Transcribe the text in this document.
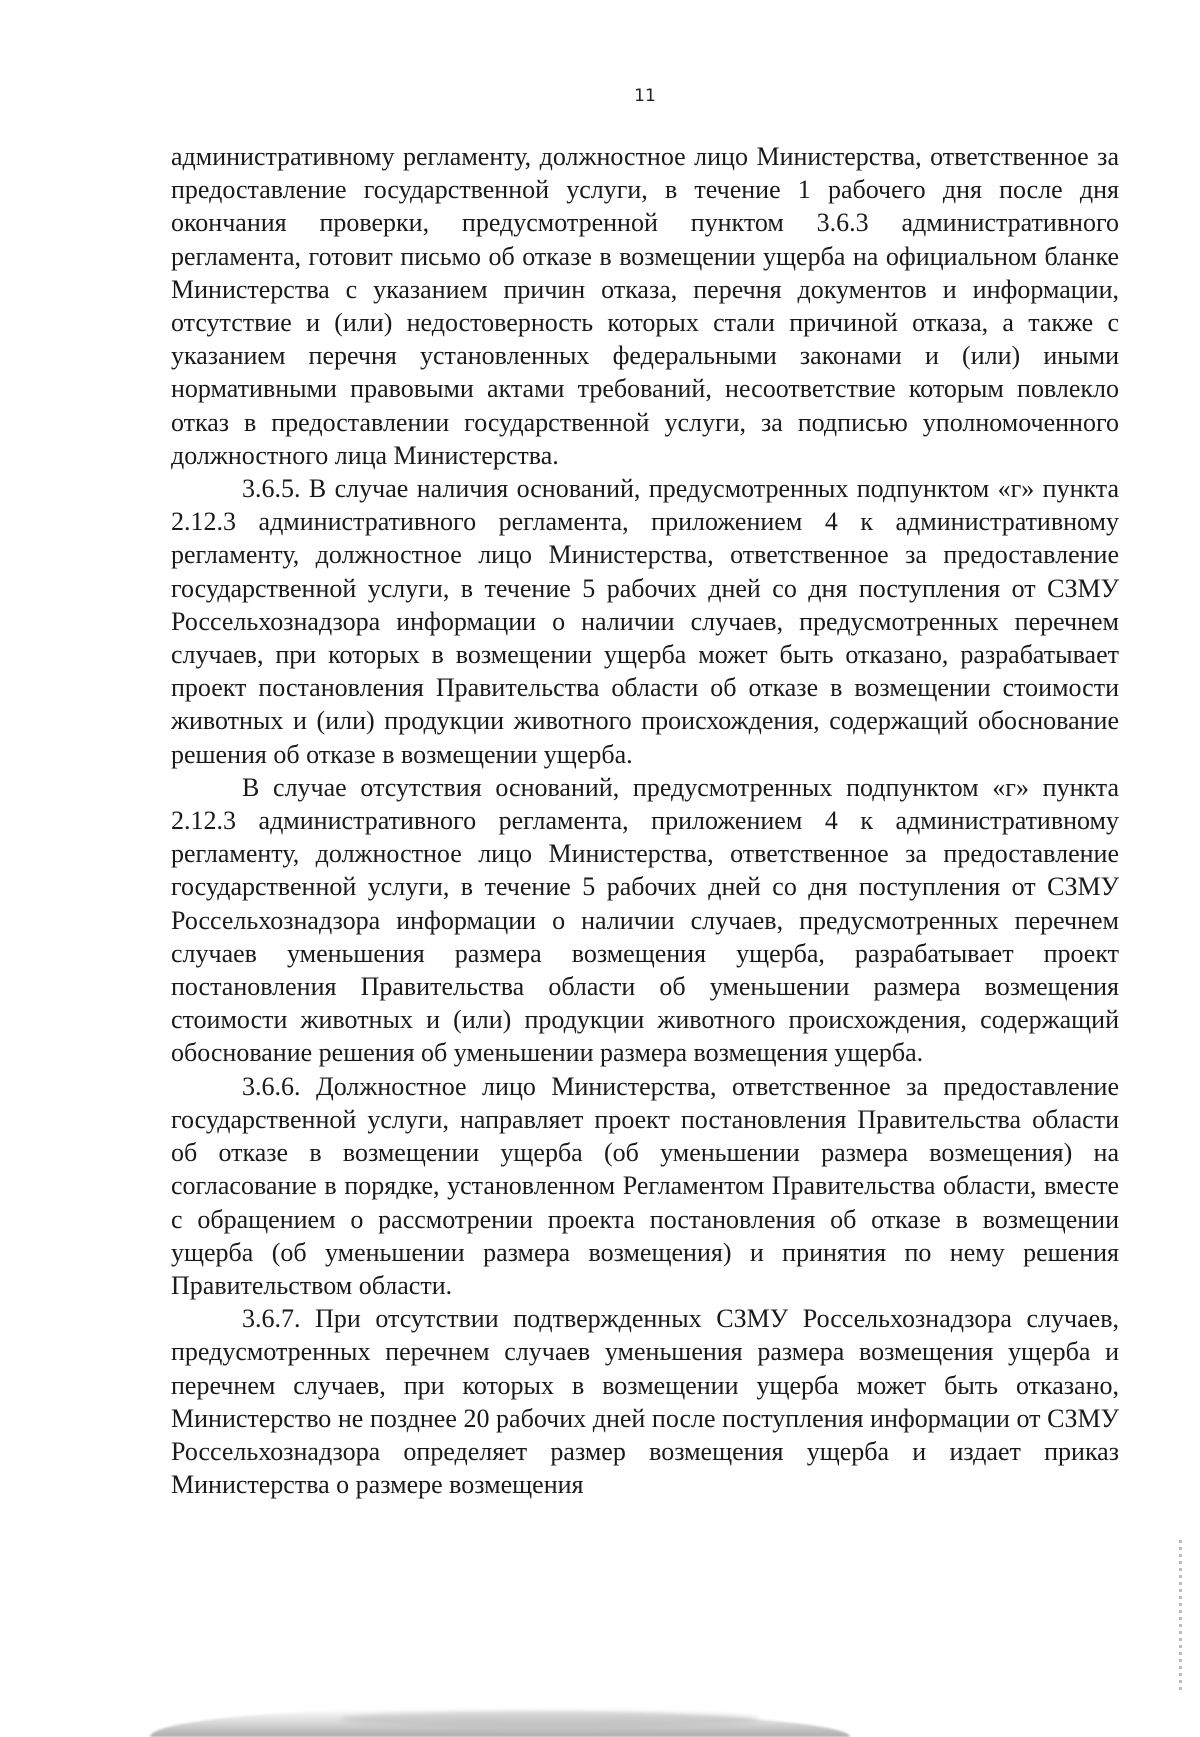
11

административному регламенту, должностное лицо Министерства, ответственное за предоставление государственной услуги, в течение 1 рабочего дня после дня окончания проверки, предусмотренной пунктом 3.6.3 административного регламента, готовит письмо об отказе в возмещении ущерба на официальном бланке Министерства с указанием причин отказа, перечня документов и информации, отсутствие и (или) недостоверность которых стали причиной отказа, а также с указанием перечня установленных федеральными законами и (или) иными нормативными правовыми актами требований, несоответствие которым повлекло отказ в предоставлении государственной услуги, за подписью уполномоченного должностного лица Министерства.

3.6.5. В случае наличия оснований, предусмотренных подпунктом «г» пункта 2.12.3 административного регламента, приложением 4 к административному регламенту, должностное лицо Министерства, ответственное за предоставление государственной услуги, в течение 5 рабочих дней со дня поступления от СЗМУ Россельхознадзора информации о наличии случаев, предусмотренных перечнем случаев, при которых в возмещении ущерба может быть отказано, разрабатывает проект постановления Правительства области об отказе в возмещении стоимости животных и (или) продукции животного происхождения, содержащий обоснование решения об отказе в возмещении ущерба.

В случае отсутствия оснований, предусмотренных подпунктом «г» пункта 2.12.3 административного регламента, приложением 4 к административному регламенту, должностное лицо Министерства, ответственное за предоставление государственной услуги, в течение 5 рабочих дней со дня поступления от СЗМУ Россельхознадзора информации о наличии случаев, предусмотренных перечнем случаев уменьшения размера возмещения ущерба, разрабатывает проект постановления Правительства области об уменьшении размера возмещения стоимости животных и (или) продукции животного происхождения, содержащий обоснование решения об уменьшении размера возмещения ущерба.

3.6.6. Должностное лицо Министерства, ответственное за предоставление государственной услуги, направляет проект постановления Правительства области об отказе в возмещении ущерба (об уменьшении размера возмещения) на согласование в порядке, установленном Регламентом Правительства области, вместе с обращением о рассмотрении проекта постановления об отказе в возмещении ущерба (об уменьшении размера возмещения) и принятия по нему решения Правительством области.

3.6.7. При отсутствии подтвержденных СЗМУ Россельхознадзора случаев, предусмотренных перечнем случаев уменьшения размера возмещения ущерба и перечнем случаев, при которых в возмещении ущерба может быть отказано, Министерство не позднее 20 рабочих дней после поступления информации от СЗМУ Россельхознадзора определяет размер возмещения ущерба и издает приказ Министерства о размере возмещения
